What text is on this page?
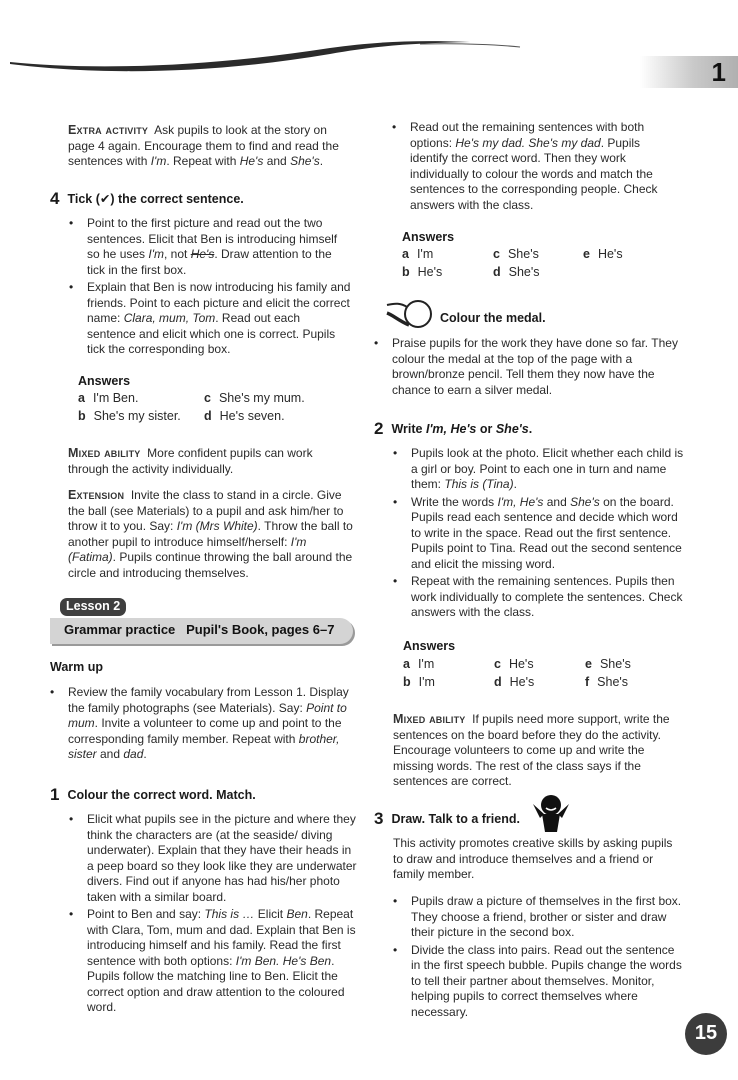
1

Extra activity Ask pupils to look at the story on page 4 again. Encourage them to find and read the sentences with I'm. Repeat with He's and She's.

4 Tick (✔) the correct sentence.
• Point to the first picture and read out the two sentences. Elicit that Ben is introducing himself so he uses I'm, not He's. Draw attention to the tick in the first box.
• Explain that Ben is now introducing his family and friends. Point to each picture and elicit the correct name: Clara, mum, Tom. Read out each sentence and elicit which one is correct. Pupils tick the corresponding box.
Answers
a I'm Ben.	c She's my mum.
b She's my sister. d He's seven.

Mixed ability More confident pupils can work through the activity individually.

Extension Invite the class to stand in a circle. Give the ball (see Materials) to a pupil and ask him/her to throw it to you. Say: I'm (Mrs White). Throw the ball to another pupil to introduce himself/herself: I'm (Fatima). Pupils continue throwing the ball around the circle and introducing themselves.

Lesson 2
Grammar practice   Pupil's Book, pages 6–7
Warm up
• Review the family vocabulary from Lesson 1. Display the family photographs (see Materials). Say: Point to mum. Invite a volunteer to come up and point to the corresponding family member. Repeat with brother, sister and dad.
1 Colour the correct word. Match.
• Elicit what pupils see in the picture and where they think the characters are (at the seaside/ diving underwater). Explain that they have their heads in a peep board so they look like they are underwater divers. Find out if anyone has had his/her photo taken with a similar board.
• Point to Ben and say: This is … Elicit Ben. Repeat with Clara, Tom, mum and dad. Explain that Ben is introducing himself and his family. Read the first sentence with both options: I'm Ben. He's Ben. Pupils follow the matching line to Ben. Elicit the correct option and draw attention to the coloured word.
• Read out the remaining sentences with both options: He's my dad. She's my dad. Pupils identify the correct word. Then they work individually to colour the words and match the sentences to the corresponding people. Check answers with the class.
Answers
a I'm	c She's	e He's
b He's	d She's
Colour the medal.
• Praise pupils for the work they have done so far. They colour the medal at the top of the page with a brown/bronze pencil. Tell them they now have the chance to earn a silver medal.
2 Write I'm, He's or She's.
• Pupils look at the photo. Elicit whether each child is a girl or boy. Point to each one in turn and name them: This is (Tina).
• Write the words I'm, He's and She's on the board. Pupils read each sentence and decide which word to write in the space. Read out the first sentence. Pupils point to Tina. Read out the second sentence and elicit the missing word.
• Repeat with the remaining sentences. Pupils then work individually to complete the sentences. Check answers with the class.
Answers
a I'm	c He's	e She's
b I'm	d He's	f She's

Mixed ability If pupils need more support, write the sentences on the board before they do the activity. Encourage volunteers to come up and write the missing words. The rest of the class says if the sentences are correct.

3 Draw. Talk to a friend.

This activity promotes creative skills by asking pupils to draw and introduce themselves and a friend or family member.

• Pupils draw a picture of themselves in the first box. They choose a friend, brother or sister and draw their picture in the second box.
• Divide the class into pairs. Read out the sentence in the first speech bubble. Pupils change the words to tell their partner about themselves. Monitor, helping pupils to correct themselves where necessary.
15
